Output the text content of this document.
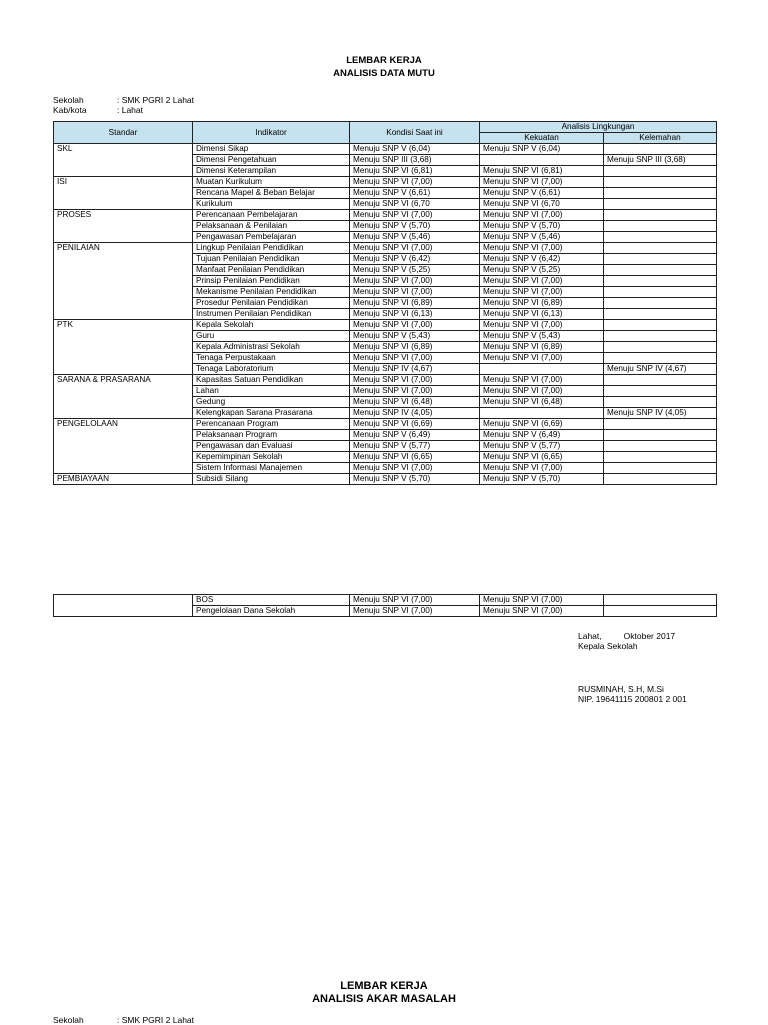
LEMBAR KERJA
ANALISIS DATA MUTU
Sekolah	: SMK PGRI 2 Lahat
Kab/kota	: Lahat
Standar	Indikator	Kondisi Saat ini	Analisis Lingkungan	
			Kekuatan	Kelemahan
SKL	Dimensi Sikap	Menuju SNP V (6,04)	Menuju SNP V (6,04)	
	Dimensi Pengetahuan	Menuju SNP III (3,68)		Menuju SNP III (3,68)
	Dimensi Keterampilan	Menuju SNP VI (6,81)	Menuju SNP VI (6,81)	
ISI	Muatan Kurikulum	Menuju SNP VI (7,00)	Menuju SNP VI (7,00)	
	Rencana Mapel & Beban Belajar	Menuju SNP V (6,61)	Menuju SNP V (6,61)	
	Kurikulum	Menuju SNP VI (6,70	Menuju SNP VI (6,70	
PROSES	Perencanaan Pembelajaran	Menuju SNP VI (7,00)	Menuju SNP VI (7,00)	
	Pelaksanaan & Penilaian	Menuju SNP V (5,70)	Menuju SNP V (5,70)	
	Pengawasan Pembelajaran	Menuju SNP V (5,46)	Menuju SNP V (5,46)	
PENILAIAN	Lingkup Penilaian Pendidikan	Menuju SNP VI (7,00)	Menuju SNP VI (7,00)	
	Tujuan Penilaian Pendidikan	Menuju SNP V (6,42)	Menuju SNP V (6,42)	
	Manfaat Penilaian Pendidikan	Menuju SNP V (5,25)	Menuju SNP V (5,25)	
	Prinsip Penilaian Pendidikan	Menuju SNP VI (7,00)	Menuju SNP VI (7,00)	
	Mekanisme Penilaian Pendidikan	Menuju SNP VI (7,00)	Menuju SNP VI (7,00)	
	Prosedur Penilaian Pendidikan	Menuju SNP VI (6,89)	Menuju SNP VI (6,89)	
	Instrumen Penilaian Pendidikan	Menuju SNP VI (6,13)	Menuju SNP VI (6,13)	
PTK	Kepala Sekolah	Menuju SNP VI (7,00)	Menuju SNP VI (7,00)	
	Guru	Menuju SNP V (5,43)	Menuju SNP V (5,43)	
	Kepala Administrasi Sekolah	Menuju SNP VI (6,89)	Menuju SNP VI (6,89)	
	Tenaga Perpustakaan	Menuju SNP VI (7,00)	Menuju SNP VI (7,00)	
	Tenaga Laboratorium	Menuju SNP IV (4,67)		Menuju SNP IV (4,67)
SARANA & PRASARANA	Kapasitas Satuan Pendidikan	Menuju SNP VI (7,00)	Menuju SNP VI (7,00)	
	Lahan	Menuju SNP VI (7,00)	Menuju SNP VI (7,00)	
	Gedung	Menuju SNP VI (6,48)	Menuju SNP VI (6,48)	
	Kelengkapan Sarana Prasarana	Menuju SNP IV (4,05)		Menuju SNP IV (4,05)
PENGELOLAAN	Perencanaan Program	Menuju SNP VI (6,69)	Menuju SNP VI (6,69)	
	Pelaksanaan Program	Menuju SNP V (6,49)	Menuju SNP V (6,49)	
	Pengawasan dan Evaluasi	Menuju SNP V (5,77)	Menuju SNP V (5,77)	
	Kepemimpinan Sekolah	Menuju SNP VI (6,65)	Menuju SNP VI (6,65)	
	Sistem Informasi Manajemen	Menuju SNP VI (7,00)	Menuju SNP VI (7,00)	
PEMBIAYAAN	Subsidi Silang	Menuju SNP V (5,70)	Menuju SNP V (5,70)	
	BOS	Menuju SNP VI (7,00)	Menuju SNP VI (7,00)	
	Pengelolaan Dana Sekolah	Menuju SNP VI (7,00)	Menuju SNP VI (7,00)	
Lahat,	Oktober 2017
Kepala Sekolah
RUSMINAH, S.H, M.Si
NIP. 19641115 200801 2 001
LEMBAR KERJA
ANALISIS AKAR MASALAH
Sekolah	: SMK PGRI 2 Lahat
